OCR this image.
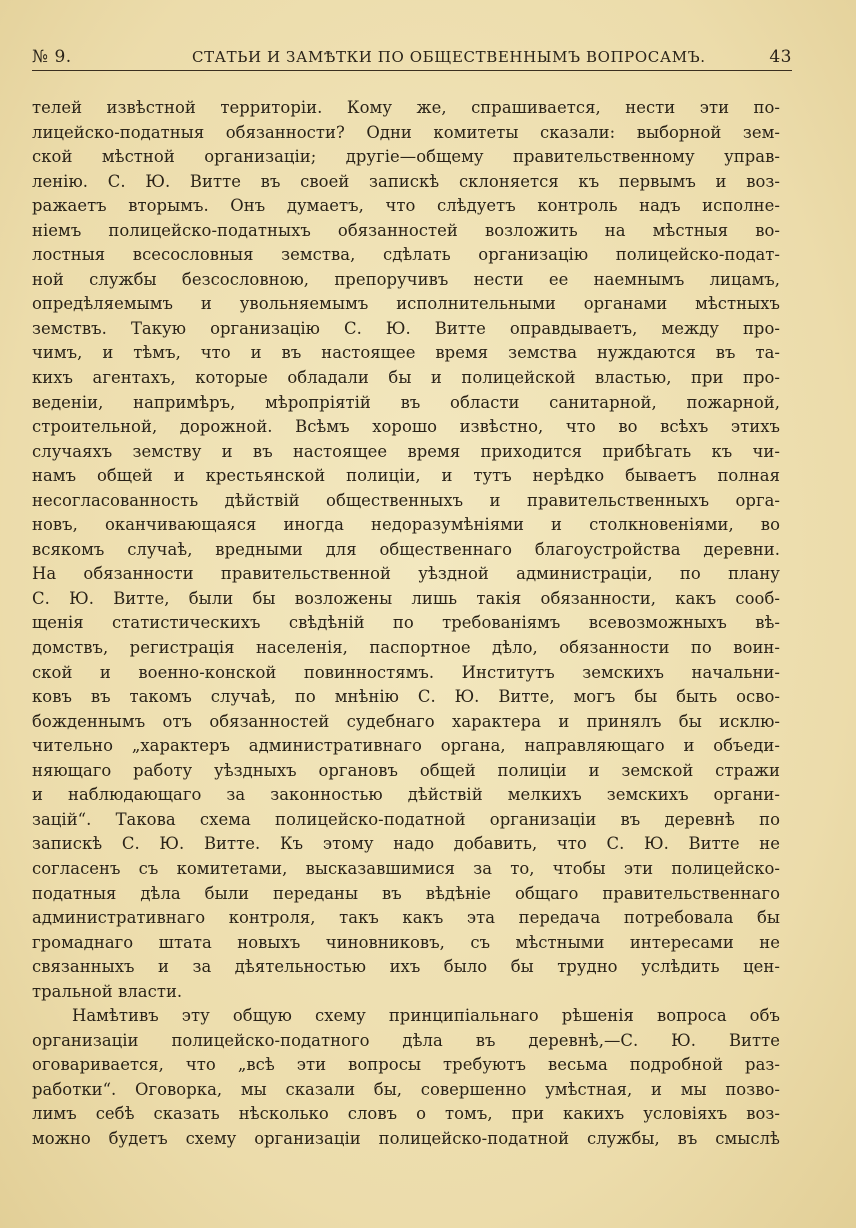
№ 9.	СТАТЬИ И ЗАМѢТКИ ПО ОБЩЕСТВЕННЫМЪ ВОПРОСАМЪ.	43
телей извѣстной территоріи. Кому же, спрашивается, нести эти по-
лицейско-податныя обязанности? Одни комитеты сказали: выборной зем-
ской мѣстной организаціи; другіе—общему правительственному управ-
ленію. С. Ю. Витте въ своей запискѣ склоняется къ первымъ и воз-
ражаетъ вторымъ. Онъ думаетъ, что слѣдуетъ контроль надъ исполне-
ніемъ полицейско-податныхъ обязанностей возложить на мѣстныя во-
лостныя всесословныя земства, сдѣлать организацію полицейско-подат-
ной службы безсословною, препоручивъ нести ее наемнымъ лицамъ,
опредѣляемымъ и увольняемымъ исполнительными органами мѣстныхъ
земствъ. Такую организацію С. Ю. Витте оправдываетъ, между про-
чимъ, и тѣмъ, что и въ настоящее время земства нуждаются въ та-
кихъ агентахъ, которые обладали бы и полицейской властью, при про-
веденіи, напримѣръ, мѣропріятій въ области санитарной, пожарной,
строительной, дорожной. Всѣмъ хорошо извѣстно, что во всѣхъ этихъ
случаяхъ земству и въ настоящее время приходится прибѣгать къ чи-
намъ общей и крестьянской полиціи, и тутъ нерѣдко бываетъ полная
несогласованность дѣйствій общественныхъ и правительственныхъ орга-
новъ, оканчивающаяся иногда недоразумѣніями и столкновеніями, во
всякомъ случаѣ, вредными для общественнаго благоустройства деревни.
На обязанности правительственной уѣздной администраціи, по плану
С. Ю. Витте, были бы возложены лишь такія обязанности, какъ сооб-
щенія статистическихъ свѣдѣній по требованіямъ всевозможныхъ вѣ-
домствъ, регистрація населенія, паспортное дѣло, обязанности по воин-
ской и военно-конской повинностямъ. Институтъ земскихъ начальни-
ковъ въ такомъ случаѣ, по мнѣнію С. Ю. Витте, могъ бы быть осво-
божденнымъ отъ обязанностей судебнаго характера и принялъ бы исклю-
чительно „характеръ административнаго органа, направляющаго и объеди-
няющаго работу уѣздныхъ органовъ общей полиціи и земской стражи
и наблюдающаго за законностью дѣйствій мелкихъ земскихъ органи-
зацій“. Такова схема полицейско-податной организаціи въ деревнѣ по
запискѣ С. Ю. Витте. Къ этому надо добавить, что С. Ю. Витте не
согласенъ съ комитетами, высказавшимися за то, чтобы эти полицейско-
податныя дѣла были переданы въ вѣдѣніе общаго правительственнаго
административнаго контроля, такъ какъ эта передача потребовала бы
громаднаго штата новыхъ чиновниковъ, съ мѣстными интересами не
связанныхъ и за дѣятельностью ихъ было бы трудно услѣдить цен-
тральной власти.
Намѣтивъ эту общую схему принципіальнаго рѣшенія вопроса объ
организаціи полицейско-податного дѣла въ деревнѣ,—С. Ю. Витте
оговаривается, что „всѣ эти вопросы требуютъ весьма подробной раз-
работки“. Оговорка, мы сказали бы, совершенно умѣстная, и мы позво-
лимъ себѣ сказать нѣсколько словъ о томъ, при какихъ условіяхъ воз-
можно будетъ схему организаціи полицейско-податной службы, въ смыслѣ
